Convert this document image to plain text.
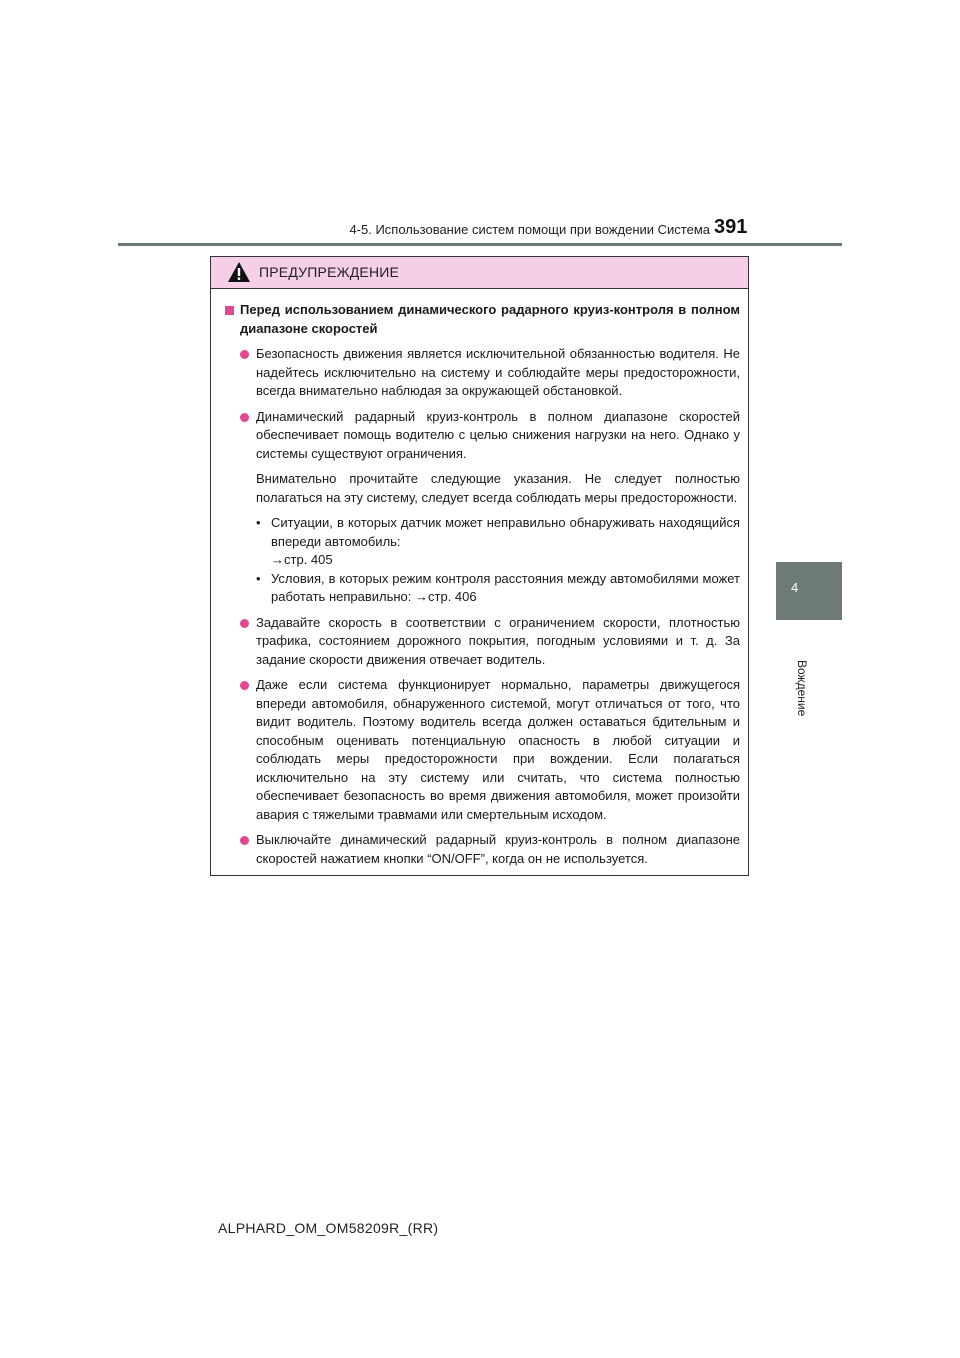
4-5. Использование систем помощи при вождении Система 391
4
Вождение
ПРЕДУПРЕЖДЕНИЕ
Перед использованием динамического радарного круиз-контроля в полном диапазоне скоростей

Безопасность движения является исключительной обязанностью водителя. Не надейтесь исключительно на систему и соблюдайте меры предосторожности, всегда внимательно наблюдая за окружающей обстановкой.

Динамический радарный круиз-контроль в полном диапазоне скоростей обеспечивает помощь водителю с целью снижения нагрузки на него. Однако у системы существуют ограничения.

Внимательно прочитайте следующие указания. Не следует полностью полагаться на эту систему, следует всегда соблюдать меры предосторожности.

• Ситуации, в которых датчик может неправильно обнаруживать находящийся впереди автомобиль:
→стр. 405
• Условия, в которых режим контроля расстояния между автомобилями может работать неправильно: →стр. 406

Задавайте скорость в соответствии с ограничением скорости, плотностью трафика, состоянием дорожного покрытия, погодным условиями и т. д. За задание скорости движения отвечает водитель.

Даже если система функционирует нормально, параметры движущегося впереди автомобиля, обнаруженного системой, могут отличаться от того, что видит водитель. Поэтому водитель всегда должен оставаться бдительным и способным оценивать потенциальную опасность в любой ситуации и соблюдать меры предосторожности при вождении. Если полагаться исключительно на эту систему или считать, что система полностью обеспечивает безопасность во время движения автомобиля, может произойти авария с тяжелыми травмами или смертельным исходом.

Выключайте динамический радарный круиз-контроль в полном диапазоне скоростей нажатием кнопки “ON/OFF”, когда он не используется.

ALPHARD_OM_OM58209R_(RR)
